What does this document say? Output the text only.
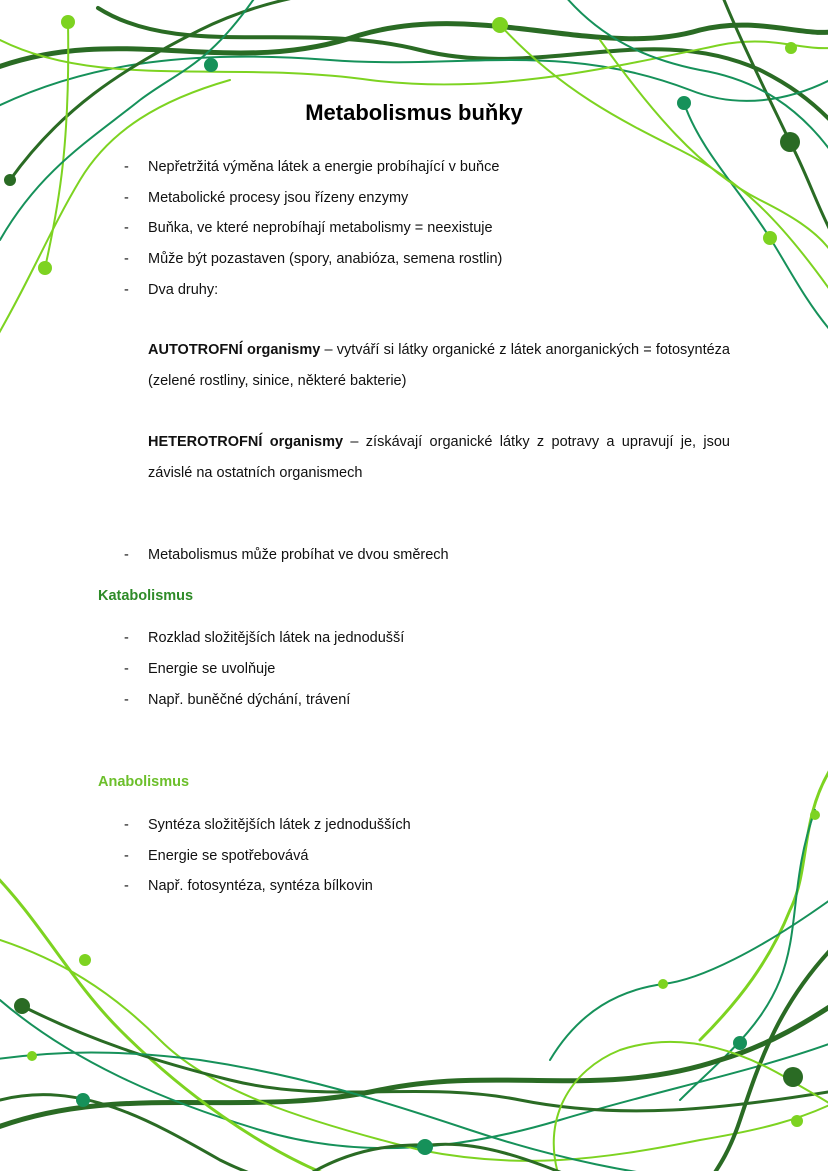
Metabolismus buňky
- Nepřetržitá výměna látek a energie probíhající v buňce
- Metabolické procesy jsou řízeny enzymy
- Buňka, ve které neprobíhají metabolismy = neexistuje
- Může být pozastaven (spory, anabióza, semena rostlin)
- Dva druhy:
AUTOTROFNÍ organismy – vytváří si látky organické z látek anorganických = fotosyntéza (zelené rostliny, sinice, některé bakterie)
HETEROTROFNÍ organismy – získávají organické látky z potravy a upravují je, jsou závislé na ostatních organismech
- Metabolismus může probíhat ve dvou směrech
Katabolismus
- Rozklad složitějších látek na jednodušší
- Energie se uvolňuje
- Např. buněčné dýchání, trávení
Anabolismus
- Syntéza složitějších látek z jednodušších
- Energie se spotřebovává
- Např. fotosyntéza, syntéza bílkovin
